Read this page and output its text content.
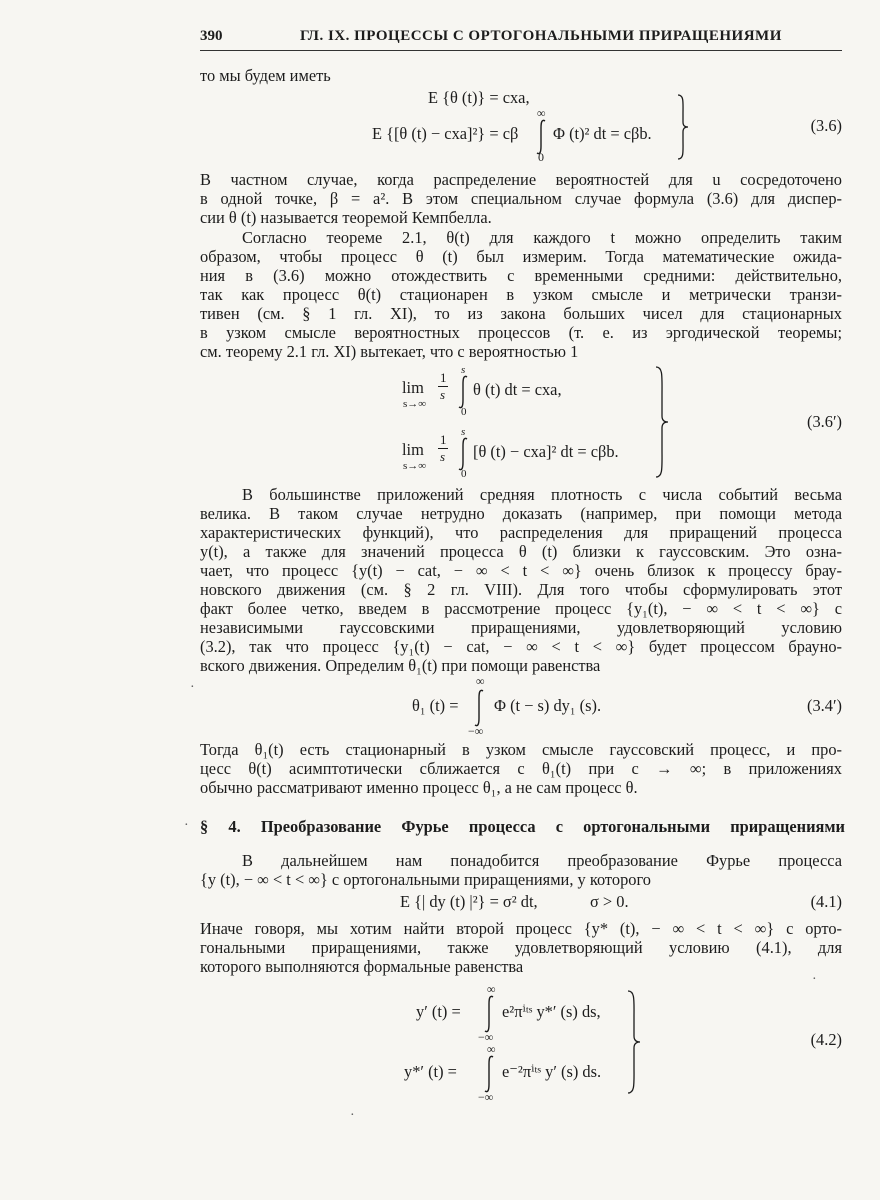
390	ГЛ. IX. ПРОЦЕССЫ С ОРТОГОНАЛЬНЫМИ ПРИРАЩЕНИЯМИ
то мы будем иметь
E {θ (t)} = cxa,
E {[θ (t) − cxa]²} = cβ
∞
0
Φ (t)² dt = cβb.	(3.6)
В частном случае, когда распределение вероятностей для u сосредоточено
в одной точке, β = a². В этом специальном случае формула (3.6) для диспер-
сии θ (t) называется теоремой Кемпбелла.
Согласно теореме 2.1, θ(t) для каждого t можно определить таким
образом, чтобы процесс θ (t) был измерим. Тогда математические ожида-
ния в (3.6) можно отождествить с временными средними: действительно,
так как процесс θ(t) стационарен в узком смысле и метрически транзи-
тивен (см. § 1 гл. XI), то из закона больших чисел для стационарных
в узком смысле вероятностных процессов (т. е. из эргодической теоремы;
см. теорему 2.1 гл. XI) вытекает, что с вероятностью 1
lim
s→∞
1
s
s
0
θ (t) dt = cxa,
lim
s→∞
1
s
s
0
[θ (t) − cxa]² dt = cβb.
(3.6′)
В большинстве приложений средняя плотность c числа событий весьма
велика. В таком случае нетрудно доказать (например, при помощи метода
характеристических функций), что распределения для приращений процесса
y(t), а также для значений процесса θ (t) близки к гауссовским. Это озна-
чает, что процесс {y(t) − cat, − ∞ < t < ∞} очень близок к процессу брау-
новского движения (см. § 2 гл. VIII). Для того чтобы сформулировать этот
факт более четко, введем в рассмотрение процесс {y₁(t), − ∞ < t < ∞} с
независимыми гауссовскими приращениями, удовлетворяющий условию
(3.2), так что процесс {y₁(t) − cat, − ∞ < t < ∞} будет процессом брауно-
вского движения. Определим θ₁(t) при помощи равенства
·
θ₁ (t) =
∞
−∞
Φ (t − s) dy₁ (s).	(3.4′)
Тогда θ₁(t) есть стационарный в узком смысле гауссовский процесс, и про-
цесс θ(t) асимптотически сближается с θ₁(t) при c → ∞; в приложениях
обычно рассматривают именно процесс θ₁, а не сам процесс θ.
· § 4. Преобразование Фурье процесса с ортогональными приращениями
В дальнейшем нам понадобится преобразование Фурье процесса
{y (t), − ∞ < t < ∞} с ортогональными приращениями, у которого
E {| dy (t) |²} = σ² dt,	σ > 0.	(4.1)
Иначе говоря, мы хотим найти второй процесс {y* (t), − ∞ < t < ∞} с орто-
гональными приращениями, также удовлетворяющий условию (4.1), для
которого выполняются формальные равенства
·
y′ (t) =
∞
−∞
e²πⁱᵗˢ y*′ (s) ds,
y*′ (t) =
∞
−∞
e⁻²πⁱᵗˢ y′ (s) ds.
(4.2)
·
